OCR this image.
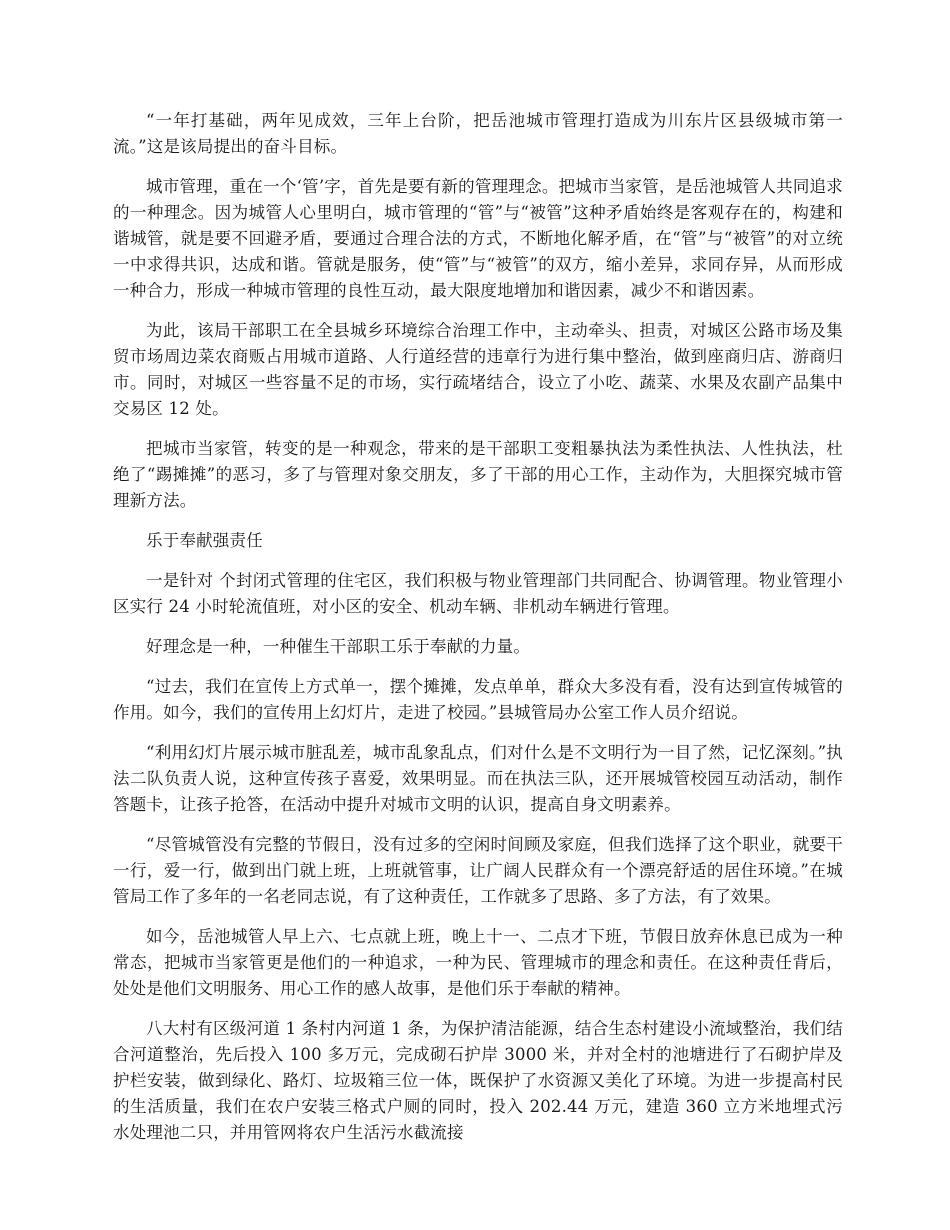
“一年打基础，两年见成效，三年上台阶，把岳池城市管理打造成为川东片区县级城市第一流。”这是该局提出的奋斗目标。

城市管理，重在一个‘管’字，首先是要有新的管理理念。把城市当家管，是岳池城管人共同追求的一种理念。因为城管人心里明白，城市管理的“管”与“被管”这种矛盾始终是客观存在的，构建和谐城管，就是要不回避矛盾，要通过合理合法的方式，不断地化解矛盾，在“管”与“被管”的对立统一中求得共识，达成和谐。管就是服务，使“管”与“被管”的双方，缩小差异，求同存异，从而形成一种合力，形成一种城市管理的良性互动，最大限度地增加和谐因素，减少不和谐因素。

为此，该局干部职工在全县城乡环境综合治理工作中，主动牵头、担责，对城区公路市场及集贸市场周边菜农商贩占用城市道路、人行道经营的违章行为进行集中整治，做到座商归店、游商归市。同时，对城区一些容量不足的市场，实行疏堵结合，设立了小吃、蔬菜、水果及农副产品集中交易区 12 处。

把城市当家管，转变的是一种观念，带来的是干部职工变粗暴执法为柔性执法、人性执法，杜绝了“踢摊摊”的恶习，多了与管理对象交朋友，多了干部的用心工作，主动作为，大胆探究城市管理新方法。

乐于奉献强责任

一是针对 个封闭式管理的住宅区，我们积极与物业管理部门共同配合、协调管理。物业管理小区实行 24 小时轮流值班，对小区的安全、机动车辆、非机动车辆进行管理。

好理念是一种，一种催生干部职工乐于奉献的力量。

“过去，我们在宣传上方式单一，摆个摊摊，发点单单，群众大多没有看，没有达到宣传城管的作用。如今，我们的宣传用上幻灯片，走进了校园。”县城管局办公室工作人员介绍说。

“利用幻灯片展示城市脏乱差，城市乱象乱点，们对什么是不文明行为一目了然，记忆深刻。”执法二队负责人说，这种宣传孩子喜爱，效果明显。而在执法三队，还开展城管校园互动活动，制作答题卡，让孩子抢答，在活动中提升对城市文明的认识，提高自身文明素养。

“尽管城管没有完整的节假日，没有过多的空闲时间顾及家庭，但我们选择了这个职业，就要干一行，爱一行，做到出门就上班，上班就管事，让广阔人民群众有一个漂亮舒适的居住环境。”在城管局工作了多年的一名老同志说，有了这种责任，工作就多了思路、多了方法，有了效果。

如今，岳池城管人早上六、七点就上班，晚上十一、二点才下班，节假日放弃休息已成为一种常态，把城市当家管更是他们的一种追求，一种为民、管理城市的理念和责任。在这种责任背后，处处是他们文明服务、用心工作的感人故事，是他们乐于奉献的精神。

八大村有区级河道 1 条村内河道 1 条，为保护清洁能源，结合生态村建设小流域整治，我们结合河道整治，先后投入 100 多万元，完成砌石护岸 3000 米，并对全村的池塘进行了石砌护岸及护栏安装，做到绿化、路灯、垃圾箱三位一体，既保护了水资源又美化了环境。为进一步提高村民的生活质量，我们在农户安装三格式户厕的同时，投入 202.44 万元，建造 360 立方米地埋式污水处理池二只，并用管网将农户生活污水截流接
